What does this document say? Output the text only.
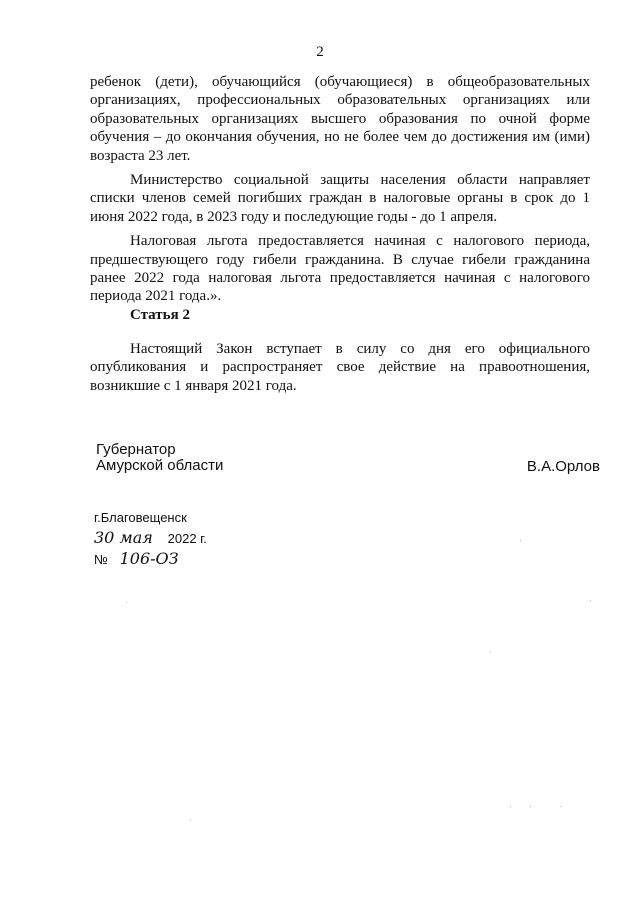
2

ребенок (дети), обучающийся (обучающиеся) в общеобразовательных организациях, профессиональных образовательных организациях или образовательных организациях высшего образования по очной форме обучения – до окончания обучения, но не более чем до достижения им (ими) возраста 23 лет.

Министерство социальной защиты населения области направляет списки членов семей погибших граждан в налоговые органы в срок до 1 июня 2022 года, в 2023 году и последующие годы - до 1 апреля.

Налоговая льгота предоставляется начиная с налогового периода, предшествующего году гибели гражданина. В случае гибели гражданина ранее 2022 года налоговая льгота предоставляется начиная с налогового периода 2021 года.».

Статья 2

Настоящий Закон вступает в силу со дня его официального опубликования и распространяет свое действие на правоотношения, возникшие с 1 января 2021 года.

Губернатор
Амурской области	В.А.Орлов
г.Благовещенск
30 мая 2022 г.
№ 106-ОЗ
